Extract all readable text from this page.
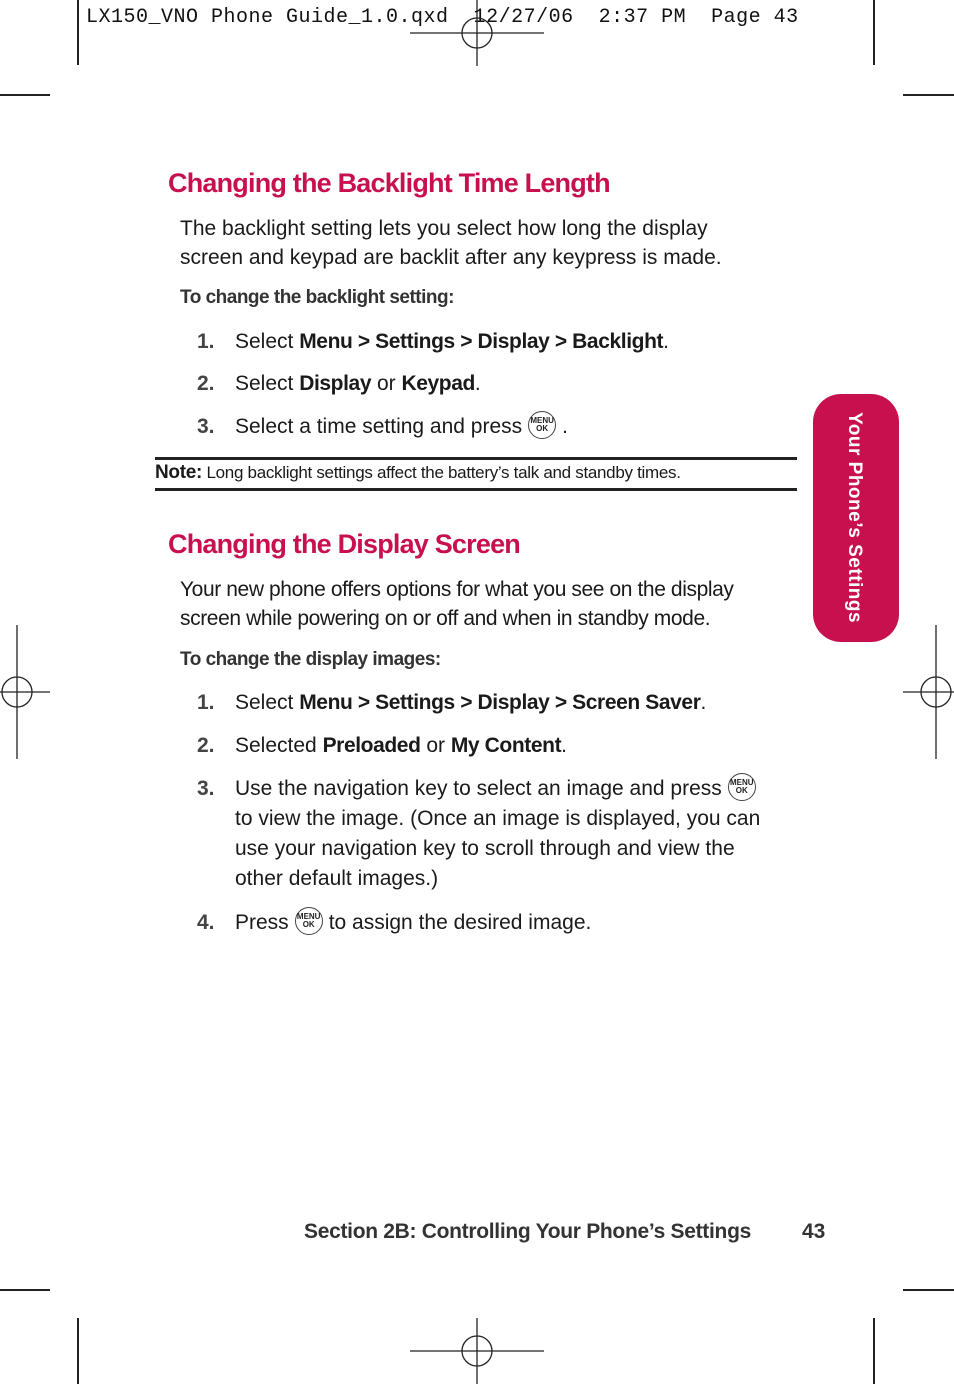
LX150_VNO Phone Guide_1.0.qxd  12/27/06  2:37 PM  Page 43
Changing the Backlight Time Length
The backlight setting lets you select how long the display
screen and keypad are backlit after any keypress is made.
To change the backlight setting:
1. Select Menu > Settings > Display > Backlight.
2. Select Display or Keypad.
3. Select a time setting and press MENU
OK .
Note: Long backlight settings affect the battery’s talk and standby times.
Changing the Display Screen
Your new phone offers options for what you see on the display
screen while powering on or off and when in standby mode.
To change the display images:
1. Select Menu > Settings > Display > Screen Saver.
2. Selected Preloaded or My Content.
3. Use the navigation key to select an image and press MENU
OK
to view the image. (Once an image is displayed, you can
use your navigation key to scroll through and view the
other default images.)
4. Press MENU
OK to assign the desired image.
Your Phone’s Settings
Section 2B: Controlling Your Phone’s Settings 43
